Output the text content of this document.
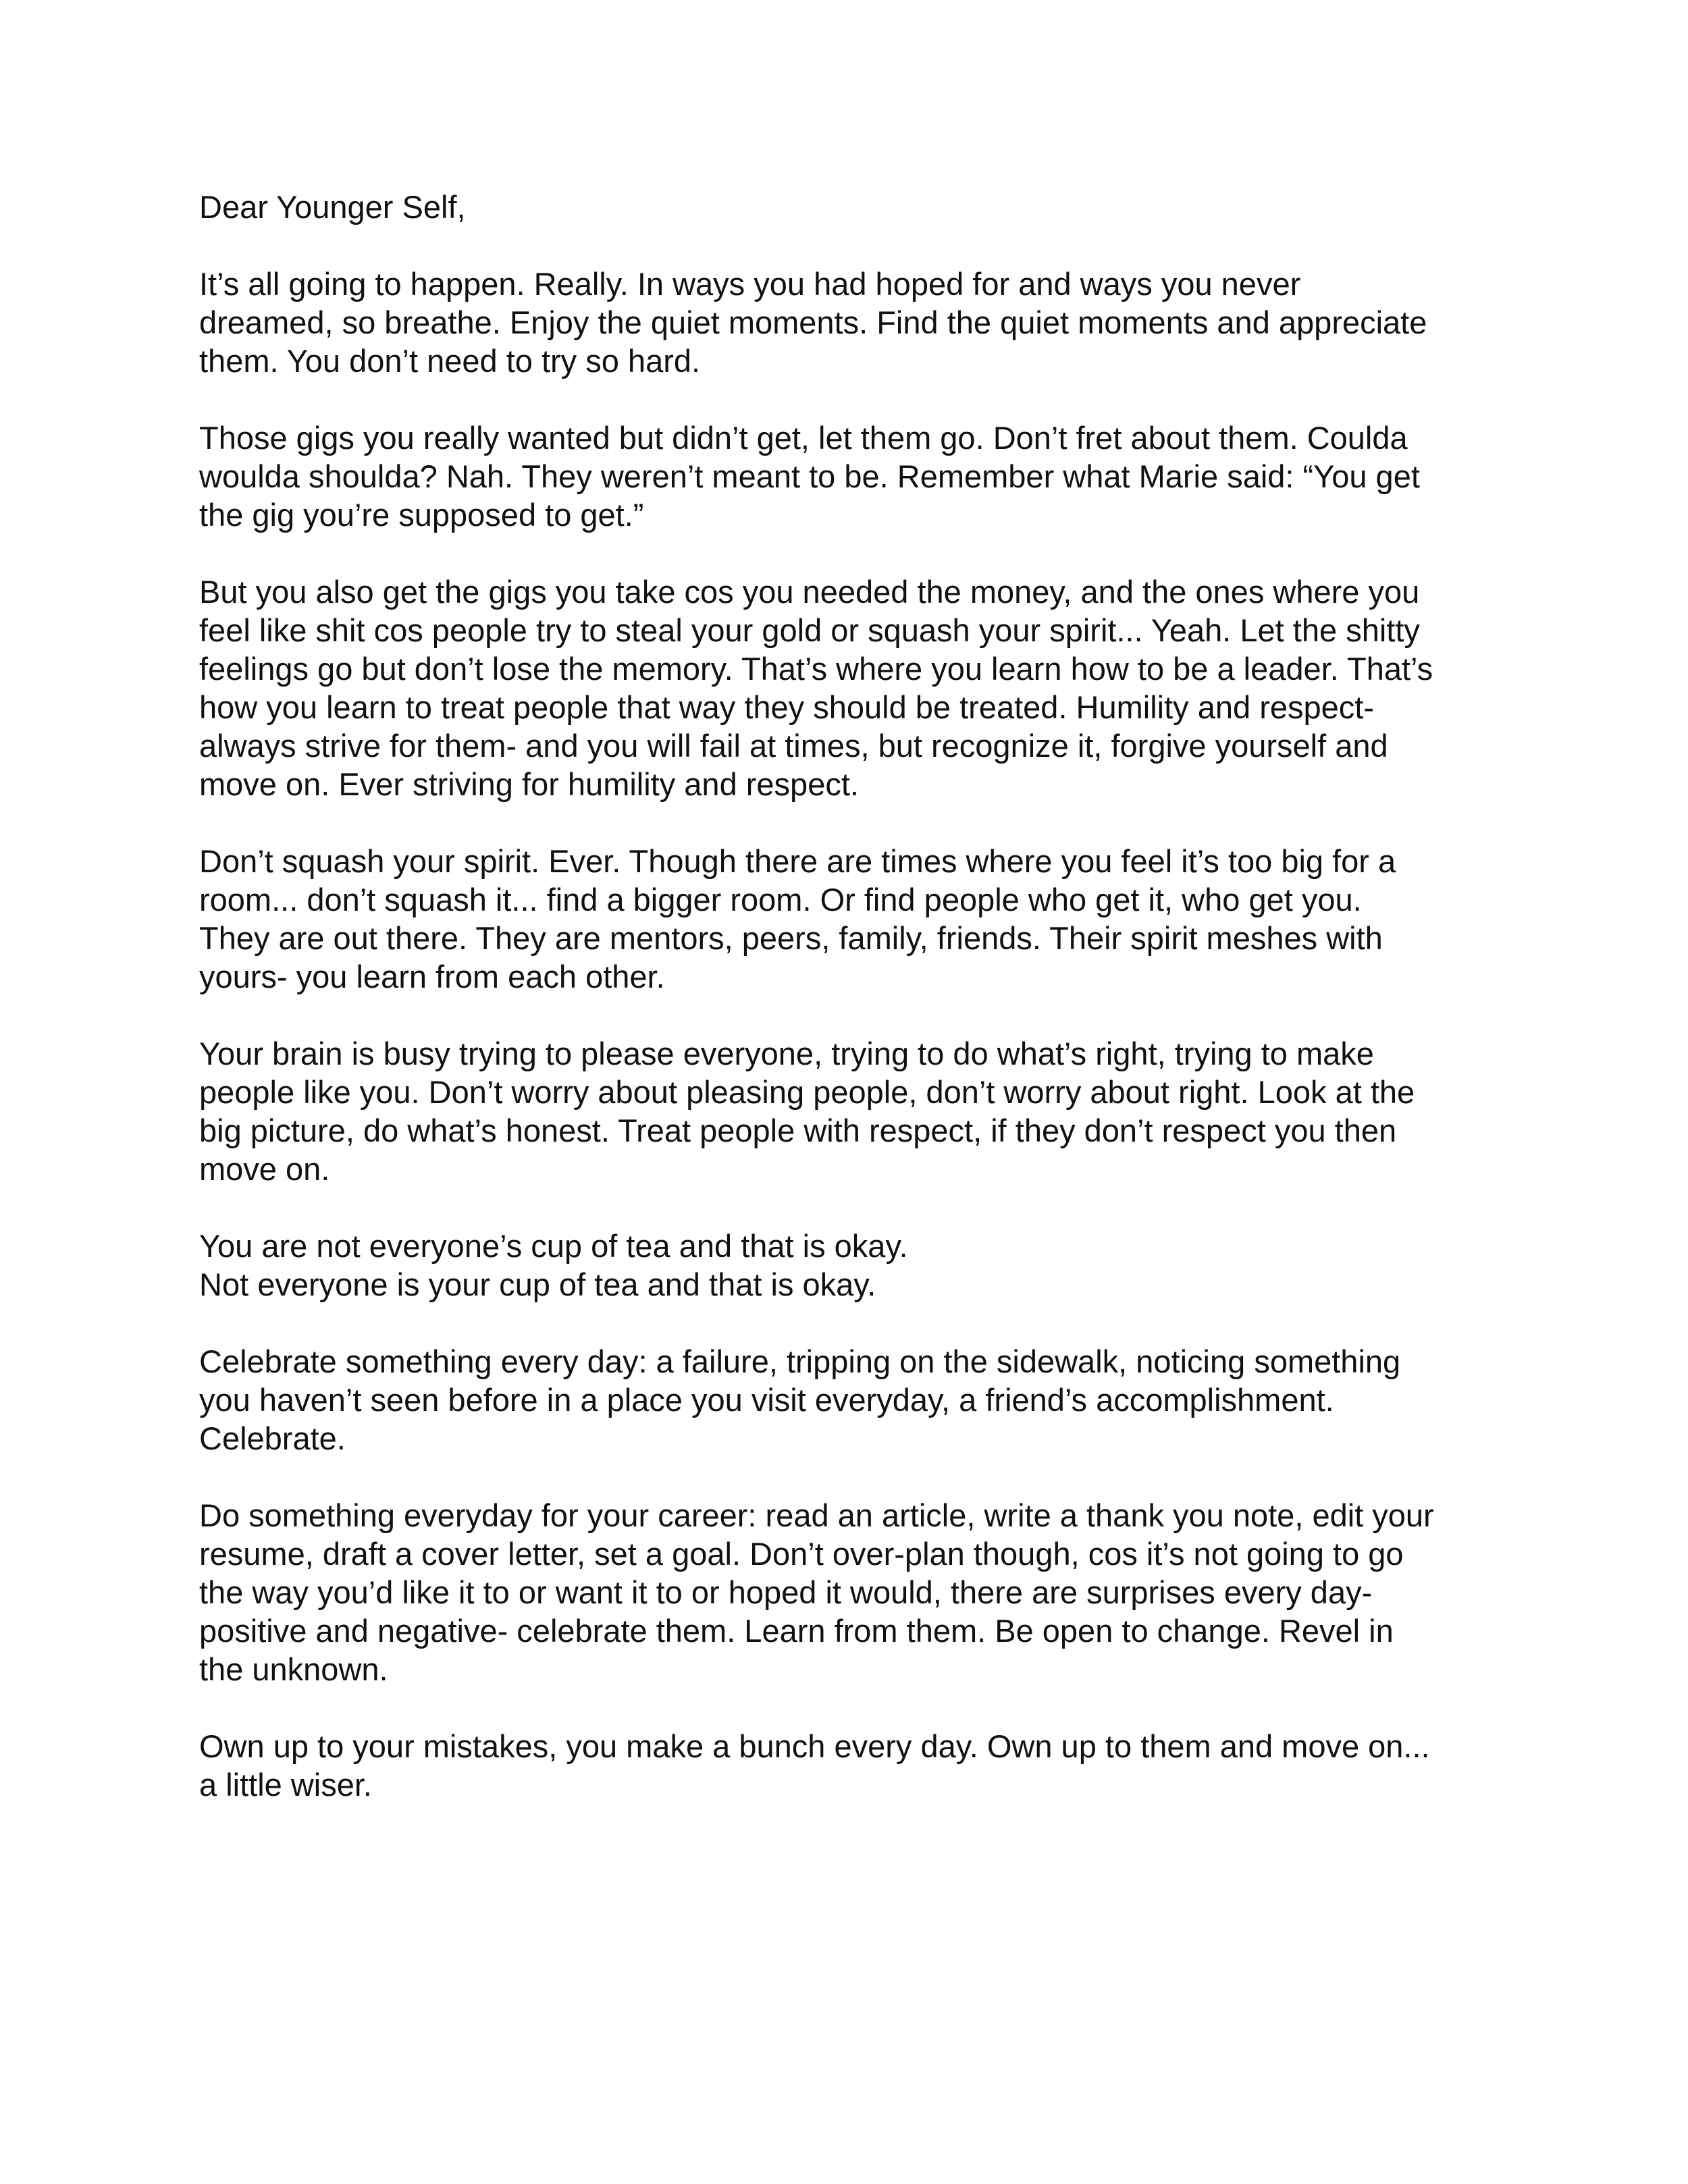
Dear Younger Self,

It’s all going to happen. Really. In ways you had hoped for and ways you never
dreamed, so breathe. Enjoy the quiet moments. Find the quiet moments and appreciate
them. You don’t need to try so hard.

Those gigs you really wanted but didn’t get, let them go. Don’t fret about them. Coulda
woulda shoulda? Nah. They weren’t meant to be. Remember what Marie said: “You get
the gig you’re supposed to get.”

But you also get the gigs you take cos you needed the money, and the ones where you
feel like shit cos people try to steal your gold or squash your spirit... Yeah. Let the shitty
feelings go but don’t lose the memory. That’s where you learn how to be a leader. That’s
how you learn to treat people that way they should be treated. Humility and respect-
always strive for them- and you will fail at times, but recognize it, forgive yourself and
move on. Ever striving for humility and respect.

Don’t squash your spirit. Ever. Though there are times where you feel it’s too big for a
room... don’t squash it... find a bigger room. Or find people who get it, who get you.
They are out there. They are mentors, peers, family, friends. Their spirit meshes with
yours- you learn from each other.

Your brain is busy trying to please everyone, trying to do what’s right, trying to make
people like you. Don’t worry about pleasing people, don’t worry about right. Look at the
big picture, do what’s honest. Treat people with respect, if they don’t respect you then
move on.

You are not everyone’s cup of tea and that is okay.
Not everyone is your cup of tea and that is okay.

Celebrate something every day: a failure, tripping on the sidewalk, noticing something
you haven’t seen before in a place you visit everyday, a friend’s accomplishment.
Celebrate.

Do something everyday for your career: read an article, write a thank you note, edit your
resume, draft a cover letter, set a goal. Don’t over-plan though, cos it’s not going to go
the way you’d like it to or want it to or hoped it would, there are surprises every day-
positive and negative- celebrate them. Learn from them. Be open to change. Revel in
the unknown.

Own up to your mistakes, you make a bunch every day. Own up to them and move on...
a little wiser.
